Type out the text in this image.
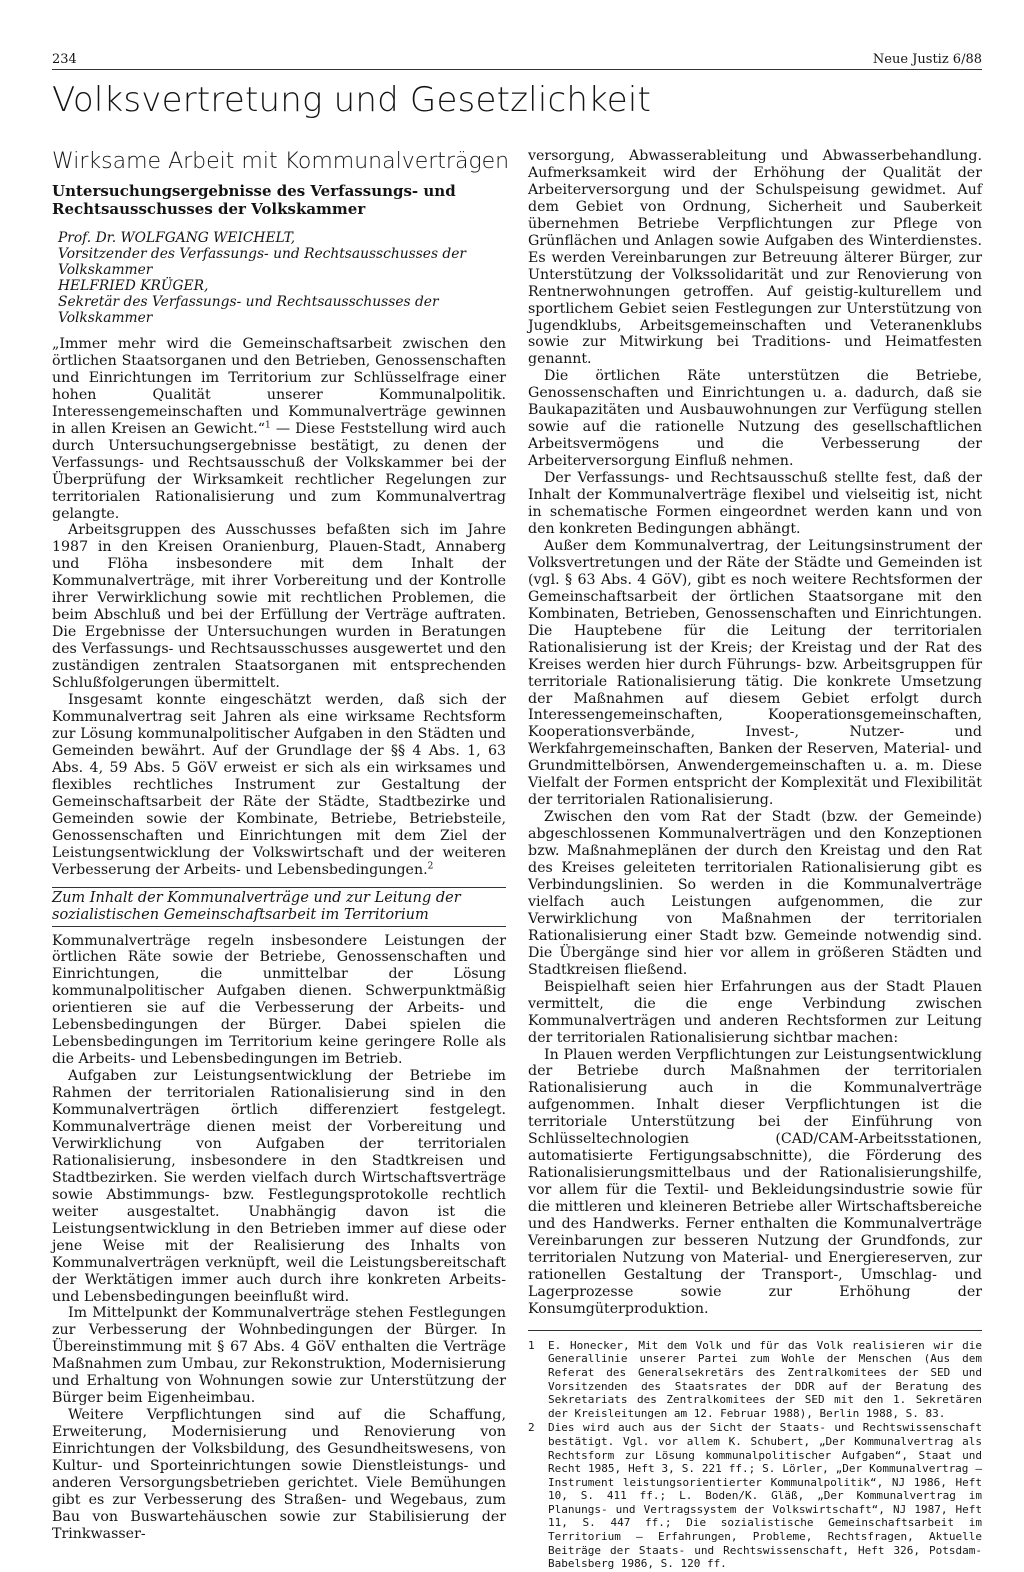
234	Neue Justiz 6/88
Volksvertretung und Gesetzlichkeit
Wirksame Arbeit mit Kommunalverträgen
Untersuchungsergebnisse des Verfassungs- und Rechtsausschusses der Volkskammer
Prof. Dr. WOLFGANG WEICHELT,
Vorsitzender des Verfassungs- und Rechtsausschusses der Volkskammer
HELFRIED KRÜGER,
Sekretär des Verfassungs- und Rechtsausschusses der Volkskammer

„Immer mehr wird die Gemeinschaftsarbeit zwischen den örtlichen Staatsorganen und den Betrieben, Genossenschaften und Einrichtungen im Territorium zur Schlüsselfrage einer hohen Qualität unserer Kommunalpolitik. Interessengemeinschaften und Kommunalverträge gewinnen in allen Kreisen an Gewicht.“$^1$ — Diese Feststellung wird auch durch Untersuchungsergebnisse bestätigt, zu denen der Verfassungs- und Rechtsausschuß der Volkskammer bei der Überprüfung der Wirksamkeit rechtlicher Regelungen zur territorialen Rationalisierung und zum Kommunalvertrag gelangte.

Arbeitsgruppen des Ausschusses befaßten sich im Jahre 1987 in den Kreisen Oranienburg, Plauen-Stadt, Annaberg und Flöha insbesondere mit dem Inhalt der Kommunalverträge, mit ihrer Vorbereitung und der Kontrolle ihrer Verwirklichung sowie mit rechtlichen Problemen, die beim Abschluß und bei der Erfüllung der Verträge auftraten. Die Ergebnisse der Untersuchungen wurden in Beratungen des Verfassungs- und Rechtsausschusses ausgewertet und den zuständigen zentralen Staatsorganen mit entsprechenden Schlußfolgerungen übermittelt.

Insgesamt konnte eingeschätzt werden, daß sich der Kommunalvertrag seit Jahren als eine wirksame Rechtsform zur Lösung kommunalpolitischer Aufgaben in den Städten und Gemeinden bewährt. Auf der Grundlage der §§ 4 Abs. 1, 63 Abs. 4, 59 Abs. 5 GöV erweist er sich als ein wirksames und flexibles rechtliches Instrument zur Gestaltung der Gemeinschaftsarbeit der Räte der Städte, Stadtbezirke und Gemeinden sowie der Kombinate, Betriebe, Betriebsteile, Genossenschaften und Einrichtungen mit dem Ziel der Leistungsentwicklung der Volkswirtschaft und der weiteren Verbesserung der Arbeits- und Lebensbedingungen.$^2$

Zum Inhalt der Kommunalverträge und zur Leitung der sozialistischen Gemeinschaftsarbeit im Territorium

Kommunalverträge regeln insbesondere Leistungen der örtlichen Räte sowie der Betriebe, Genossenschaften und Einrichtungen, die unmittelbar der Lösung kommunalpolitischer Aufgaben dienen. Schwerpunktmäßig orientieren sie auf die Verbesserung der Arbeits- und Lebensbedingungen der Bürger. Dabei spielen die Lebensbedingungen im Territorium keine geringere Rolle als die Arbeits- und Lebensbedingungen im Betrieb.

Aufgaben zur Leistungsentwicklung der Betriebe im Rahmen der territorialen Rationalisierung sind in den Kommunalverträgen örtlich differenziert festgelegt. Kommunalverträge dienen meist der Vorbereitung und Verwirklichung von Aufgaben der territorialen Rationalisierung, insbesondere in den Stadtkreisen und Stadtbezirken. Sie werden vielfach durch Wirtschaftsverträge sowie Abstimmungs- bzw. Festlegungsprotokolle rechtlich weiter ausgestaltet. Unabhängig davon ist die Leistungsentwicklung in den Betrieben immer auf diese oder jene Weise mit der Realisierung des Inhalts von Kommunalverträgen verknüpft, weil die Leistungsbereitschaft der Werktätigen immer auch durch ihre konkreten Arbeits- und Lebensbedingungen beeinflußt wird.

Im Mittelpunkt der Kommunalverträge stehen Festlegungen zur Verbesserung der Wohnbedingungen der Bürger. In Übereinstimmung mit § 67 Abs. 4 GöV enthalten die Verträge Maßnahmen zum Umbau, zur Rekonstruktion, Modernisierung und Erhaltung von Wohnungen sowie zur Unterstützung der Bürger beim Eigenheimbau.

Weitere Verpflichtungen sind auf die Schaffung, Erweiterung, Modernisierung und Renovierung von Einrichtungen der Volksbildung, des Gesundheitswesens, von Kultur- und Sporteinrichtungen sowie Dienstleistungs- und anderen Versorgungsbetrieben gerichtet. Viele Bemühungen gibt es zur Verbesserung des Straßen- und Wegebaus, zum Bau von Buswartehäuschen sowie zur Stabilisierung der Trinkwasser-

versorgung, Abwasserableitung und Abwasserbehandlung. Aufmerksamkeit wird der Erhöhung der Qualität der Arbeiterversorgung und der Schulspeisung gewidmet. Auf dem Gebiet von Ordnung, Sicherheit und Sauberkeit übernehmen Betriebe Verpflichtungen zur Pflege von Grünflächen und Anlagen sowie Aufgaben des Winterdienstes. Es werden Vereinbarungen zur Betreuung älterer Bürger, zur Unterstützung der Volkssolidarität und zur Renovierung von Rentnerwohnungen getroffen. Auf geistig-kulturellem und sportlichem Gebiet seien Festlegungen zur Unterstützung von Jugendklubs, Arbeitsgemeinschaften und Veteranenklubs sowie zur Mitwirkung bei Traditions- und Heimatfesten genannt.

Die örtlichen Räte unterstützen die Betriebe, Genossenschaften und Einrichtungen u. a. dadurch, daß sie Baukapazitäten und Ausbauwohnungen zur Verfügung stellen sowie auf die rationelle Nutzung des gesellschaftlichen Arbeitsvermögens und die Verbesserung der Arbeiterversorgung Einfluß nehmen.

Der Verfassungs- und Rechtsausschuß stellte fest, daß der Inhalt der Kommunalverträge flexibel und vielseitig ist, nicht in schematische Formen eingeordnet werden kann und von den konkreten Bedingungen abhängt.

Außer dem Kommunalvertrag, der Leitungsinstrument der Volksvertretungen und der Räte der Städte und Gemeinden ist (vgl. § 63 Abs. 4 GöV), gibt es noch weitere Rechtsformen der Gemeinschaftsarbeit der örtlichen Staatsorgane mit den Kombinaten, Betrieben, Genossenschaften und Einrichtungen. Die Hauptebene für die Leitung der territorialen Rationalisierung ist der Kreis; der Kreistag und der Rat des Kreises werden hier durch Führungs- bzw. Arbeitsgruppen für territoriale Rationalisierung tätig. Die konkrete Umsetzung der Maßnahmen auf diesem Gebiet erfolgt durch Interessengemeinschaften, Kooperationsgemeinschaften, Kooperationsverbände, Invest-, Nutzer- und Werkfahrgemeinschaften, Banken der Reserven, Material- und Grundmittelbörsen, Anwendergemeinschaften u. a. m. Diese Vielfalt der Formen entspricht der Komplexität und Flexibilität der territorialen Rationalisierung.

Zwischen den vom Rat der Stadt (bzw. der Gemeinde) abgeschlossenen Kommunalverträgen und den Konzeptionen bzw. Maßnahmeplänen der durch den Kreistag und den Rat des Kreises geleiteten territorialen Rationalisierung gibt es Verbindungslinien. So werden in die Kommunalverträge vielfach auch Leistungen aufgenommen, die zur Verwirklichung von Maßnahmen der territorialen Rationalisierung einer Stadt bzw. Gemeinde notwendig sind. Die Übergänge sind hier vor allem in größeren Städten und Stadtkreisen fließend.

Beispielhaft seien hier Erfahrungen aus der Stadt Plauen vermittelt, die die enge Verbindung zwischen Kommunalverträgen und anderen Rechtsformen zur Leitung der territorialen Rationalisierung sichtbar machen:

In Plauen werden Verpflichtungen zur Leistungsentwicklung der Betriebe durch Maßnahmen der territorialen Rationalisierung auch in die Kommunalverträge aufgenommen. Inhalt dieser Verpflichtungen ist die territoriale Unterstützung bei der Einführung von Schlüsseltechnologien (CAD/CAM-Arbeitsstationen, automatisierte Fertigungsabschnitte), die Förderung des Rationalisierungsmittelbaus und der Rationalisierungshilfe, vor allem für die Textil- und Bekleidungsindustrie sowie für die mittleren und kleineren Betriebe aller Wirtschaftsbereiche und des Handwerks. Ferner enthalten die Kommunalverträge Vereinbarungen zur besseren Nutzung der Grundfonds, zur territorialen Nutzung von Material- und Energiereserven, zur rationellen Gestaltung der Transport-, Umschlag- und Lagerprozesse sowie zur Erhöhung der Konsumgüterproduktion.

1	E. Honecker, Mit dem Volk und für das Volk realisieren wir die Generallinie unserer Partei zum Wohle der Menschen (Aus dem Referat des Generalsekretärs des Zentralkomitees der SED und Vorsitzenden des Staatsrates der DDR auf der Beratung des Sekretariats des Zentralkomitees der SED mit den 1. Sekretären der Kreisleitungen am 12. Februar 1988), Berlin 1988, S. 83.
2	Dies wird auch aus der Sicht der Staats- und Rechtswissenschaft bestätigt. Vgl. vor allem K. Schubert, „Der Kommunalvertrag als Rechtsform zur Lösung kommunalpolitischer Aufgaben“, Staat und Recht 1985, Heft 3, S. 221 ff.; S. Lörler, „Der Kommunalvertrag – Instrument leistungsorientierter Kommunalpolitik“, NJ 1986, Heft 10, S. 411 ff.; L. Boden/K. Gläß, „Der Kommunalvertrag im Planungs- und Vertragssystem der Volkswirtschaft“, NJ 1987, Heft 11, S. 447 ff.; Die sozialistische Gemeinschaftsarbeit im Territorium – Erfahrungen, Probleme, Rechtsfragen, Aktuelle Beiträge der Staats- und Rechtswissenschaft, Heft 326, Potsdam-Babelsberg 1986, S. 120 ff.
